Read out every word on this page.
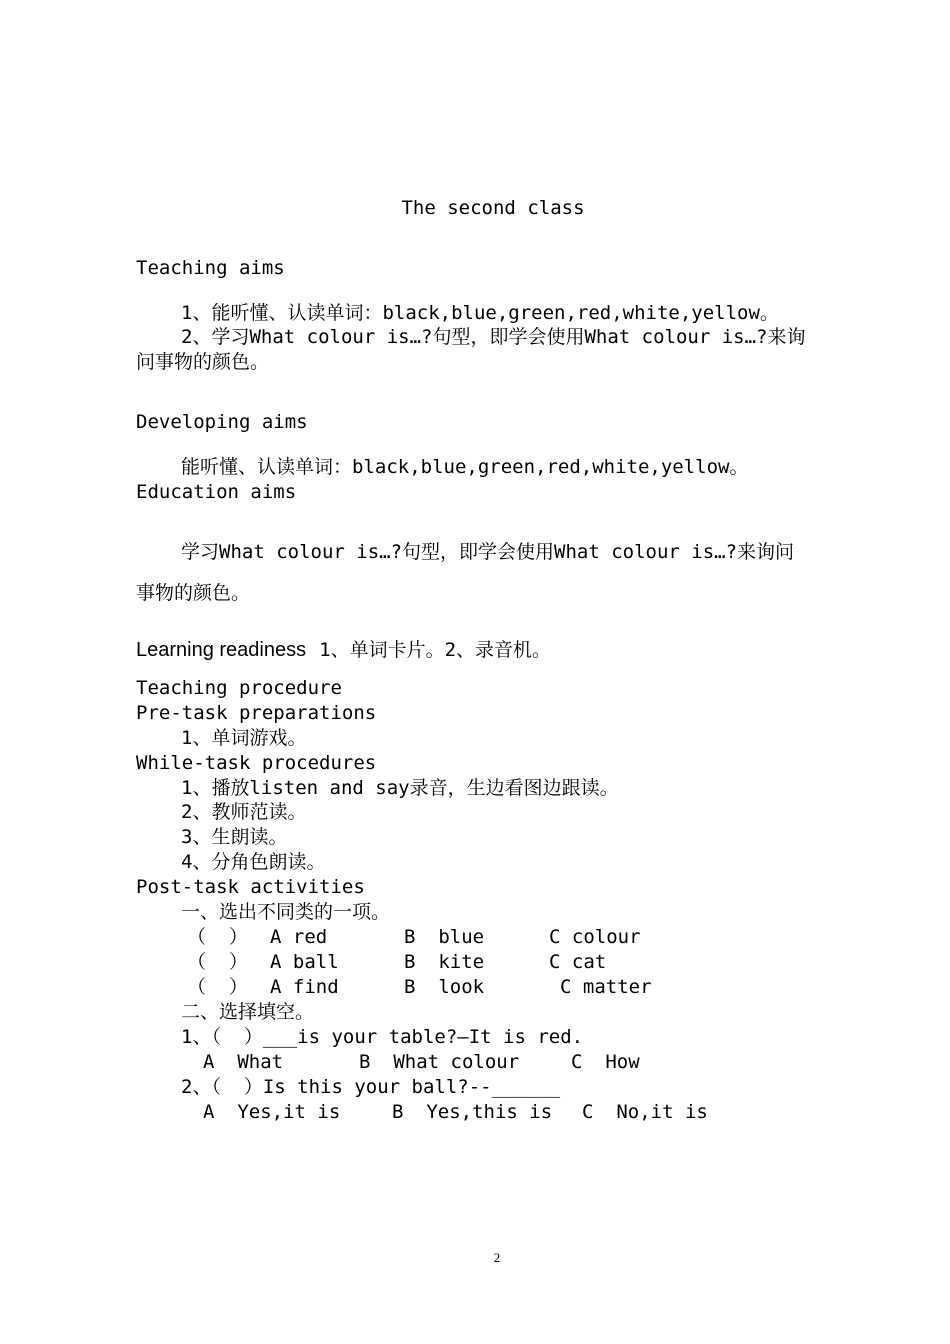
The second class
Teaching aims
1、能听懂、认读单词：black,blue,green,red,white,yellow。
2、学习What colour is…?句型，即学会使用What colour is…?来询
问事物的颜色。
Developing aims
能听懂、认读单词：black,blue,green,red,white,yellow。
Education aims
学习What colour is…?句型，即学会使用What colour is…?来询问
事物的颜色。
Learning readiness 1、单词卡片。2、录音机。
Teaching procedure
Pre-task preparations
1、单词游戏。
While-task procedures
1、播放listen and say录音，生边看图边跟读。
2、教师范读。
3、生朗读。
4、分角色朗读。
Post-task activities
一、选出不同类的一项。
（  ） A red	B  blue	C colour
（  ） A ball	B  kite	C cat
（  ） A find	B  look	C matter
二、选择填空。
1、（  ）___is your table?—It is red.
A  What	B  What colour	C  How
2、（  ）Is this your ball?--______
A  Yes,it is	B  Yes,this is C  No,it is
2
